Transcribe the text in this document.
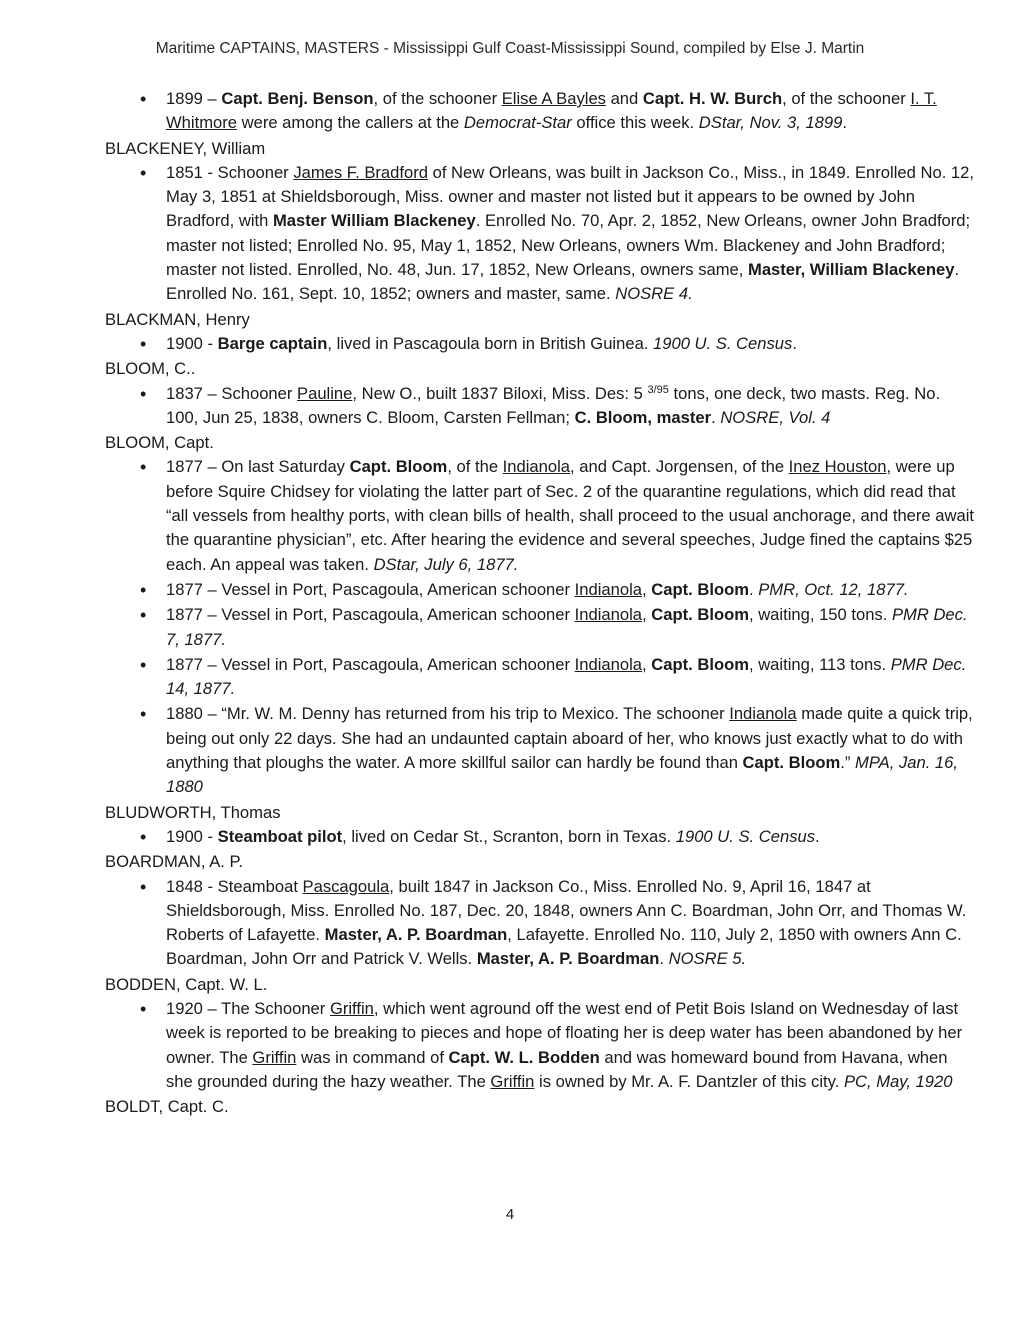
Maritime CAPTAINS, MASTERS - Mississippi Gulf Coast-Mississippi Sound, compiled by Else J. Martin
• 1899 – Capt. Benj. Benson, of the schooner Elise A Bayles and Capt. H. W. Burch, of the schooner I. T. Whitmore were among the callers at the Democrat-Star office this week. DStar, Nov. 3, 1899.
BLACKENEY, William
• 1851 - Schooner James F. Bradford of New Orleans, was built in Jackson Co., Miss., in 1849. Enrolled No. 12, May 3, 1851 at Shieldsborough, Miss. owner and master not listed but it appears to be owned by John Bradford, with Master William Blackeney. Enrolled No. 70, Apr. 2, 1852, New Orleans, owner John Bradford; master not listed; Enrolled No. 95, May 1, 1852, New Orleans, owners Wm. Blackeney and John Bradford; master not listed. Enrolled, No. 48, Jun. 17, 1852, New Orleans, owners same, Master, William Blackeney. Enrolled No. 161, Sept. 10, 1852; owners and master, same. NOSRE 4.
BLACKMAN, Henry
• 1900 - Barge captain, lived in Pascagoula born in British Guinea. 1900 U. S. Census.
BLOOM, C..
• 1837 – Schooner Pauline, New O., built 1837 Biloxi, Miss. Des: 5 $^{3/95}$ tons, one deck, two masts. Reg. No. 100, Jun 25, 1838, owners C. Bloom, Carsten Fellman; C. Bloom, master. NOSRE, Vol. 4
BLOOM, Capt.
• 1877 – On last Saturday Capt. Bloom, of the Indianola, and Capt. Jorgensen, of the Inez Houston, were up before Squire Chidsey for violating the latter part of Sec. 2 of the quarantine regulations, which did read that “all vessels from healthy ports, with clean bills of health, shall proceed to the usual anchorage, and there await the quarantine physician”, etc. After hearing the evidence and several speeches, Judge fined the captains $25 each. An appeal was taken. DStar, July 6, 1877.
• 1877 – Vessel in Port, Pascagoula, American schooner Indianola, Capt. Bloom. PMR, Oct. 12, 1877.
• 1877 – Vessel in Port, Pascagoula, American schooner Indianola, Capt. Bloom, waiting, 150 tons. PMR Dec. 7, 1877.
• 1877 – Vessel in Port, Pascagoula, American schooner Indianola, Capt. Bloom, waiting, 113 tons. PMR Dec. 14, 1877.
• 1880 – “Mr. W. M. Denny has returned from his trip to Mexico. The schooner Indianola made quite a quick trip, being out only 22 days. She had an undaunted captain aboard of her, who knows just exactly what to do with anything that ploughs the water. A more skillful sailor can hardly be found than Capt. Bloom.” MPA, Jan. 16, 1880
BLUDWORTH, Thomas
• 1900 - Steamboat pilot, lived on Cedar St., Scranton, born in Texas. 1900 U. S. Census.
BOARDMAN, A. P.
• 1848 - Steamboat Pascagoula, built 1847 in Jackson Co., Miss. Enrolled No. 9, April 16, 1847 at Shieldsborough, Miss. Enrolled No. 187, Dec. 20, 1848, owners Ann C. Boardman, John Orr, and Thomas W. Roberts of Lafayette. Master, A. P. Boardman, Lafayette. Enrolled No. 110, July 2, 1850 with owners Ann C. Boardman, John Orr and Patrick V. Wells. Master, A. P. Boardman. NOSRE 5.
BODDEN, Capt. W. L.
• 1920 – The Schooner Griffin, which went aground off the west end of Petit Bois Island on Wednesday of last week is reported to be breaking to pieces and hope of floating her is deep water has been abandoned by her owner. The Griffin was in command of Capt. W. L. Bodden and was homeward bound from Havana, when she grounded during the hazy weather. The Griffin is owned by Mr. A. F. Dantzler of this city. PC, May, 1920
BOLDT, Capt. C.
4
